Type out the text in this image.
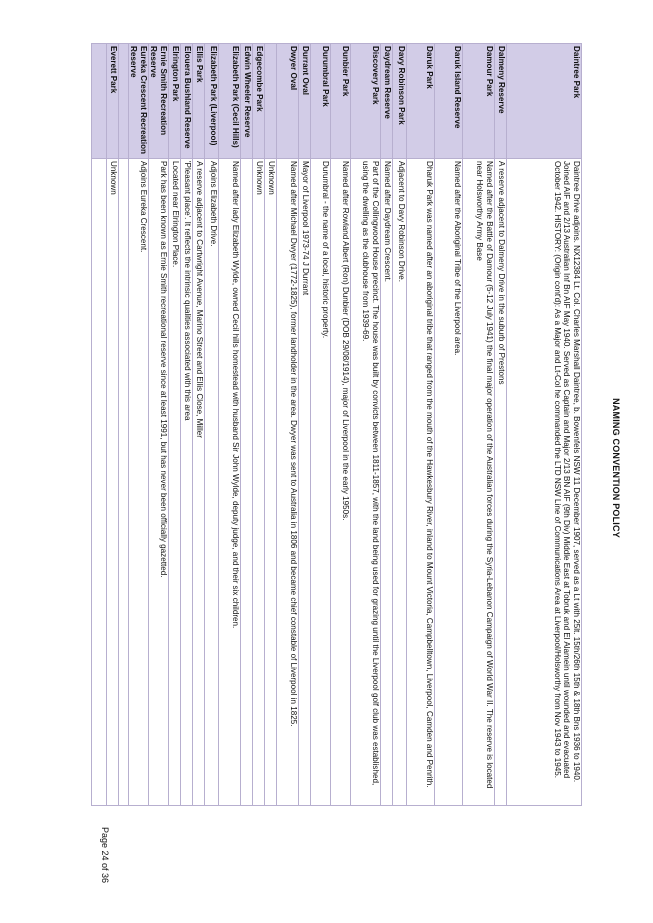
NAMING CONVENTION POLICY
Daintree Park	Daintree Drive adjoins. NX12384 Lt. Col. Charles Marshall Daintree, b. Bowenfels NSW 11 December 1907, served as a Lt with 25lt. 15th/26th 15th & 18th Bns 1936 to 1940. Joined AIF and 2/13 Australian Inf Bn AIF May 1940. Served as Captain and Major 2/13 BN AIF (9th Div) Middle East at Tobruk and El Alamein until wounded and evacuated October 1942. HISTORY: (Origin cont'd): As a Major and Lt-Col he commanded the LTD NSW Line of Communications Area at Liverpool/Holsworthy from Nov 1943 to 1945.
Dalmeny Reserve	A reserve adjacent to Dalmeny Drive in the suburb of Prestons
Damour Park	Named after the Battle of Damour (5-12 July 1941) the final major operation of the Australian forces during the Syria-Lebanon Campaign of World War II. The reserve is located near Holsworthy Army Base
Daruk Island Reserve	Named after the Aboriginal Tribe of the Liverpool area.
Daruk Park	Dharuk Park was named after an aboriginal tribe that ranged from the mouth of the Hawkesbury River, inland to Mount Victoria, Campbelltown, Liverpool, Camden and Penrith.
Davy Robinson Park	Adjacent to Davy Robinson Drive.
Daydream Reserve	Named after Daydream Crescent.
Discovery Park	Part of the Collingwood House precinct. The house was built by convicts between 1811-1857, with the land being used for grazing until the Liverpool golf club was established, using the dwelling as the clubhouse from 1939-69.
Dunbier Park	Named after Rowland Albert (Ron) Dunbier (DOB 29/08/1914), major of Liverpool in the early 1950s.
Durumbral Park	Durumbral - the name of a local, historic property.
Durrant Oval	Mayor of Liverpool 1973-74 J Durrant
Dwyer Oval	Named after Michael Dwyer (1772-1825), former landholder in the area. Dwyer was sent to Australia in 1806 and became chief constable of Liverpool in 1825.
	Unknown
Edgecombe Park	Unknown
Edwin Wheeler Reserve	
Elizabeth Park (Cecil Hills)	Named after lady Elizabeth Wylde, owned Cecil hills homestead with husband Sir John Wylde, deputy judge, and their six children.
Elizabeth Park (Liverpool)	Adjoins Elizabeth Drive.
Ellis Park	A reserve adjacent to Cartwright Avenue, Marino Street and Ellis Close, Miller
Elouera Bushland Reserve	'Pleasant place'. It reflects the intrinsic qualities associated with this area
Elrington Park	Located near Elrington Place.
Ernie Smith Recreation Reserve	Park has been known as Ernie Smith recreational reserve since at least 1991, but has never been officially gazetted.
Eureka Crescent Recreation Reserve	Adjoins Eureka Crescent.

Everett Park	Unknown

Page 24 of 36
